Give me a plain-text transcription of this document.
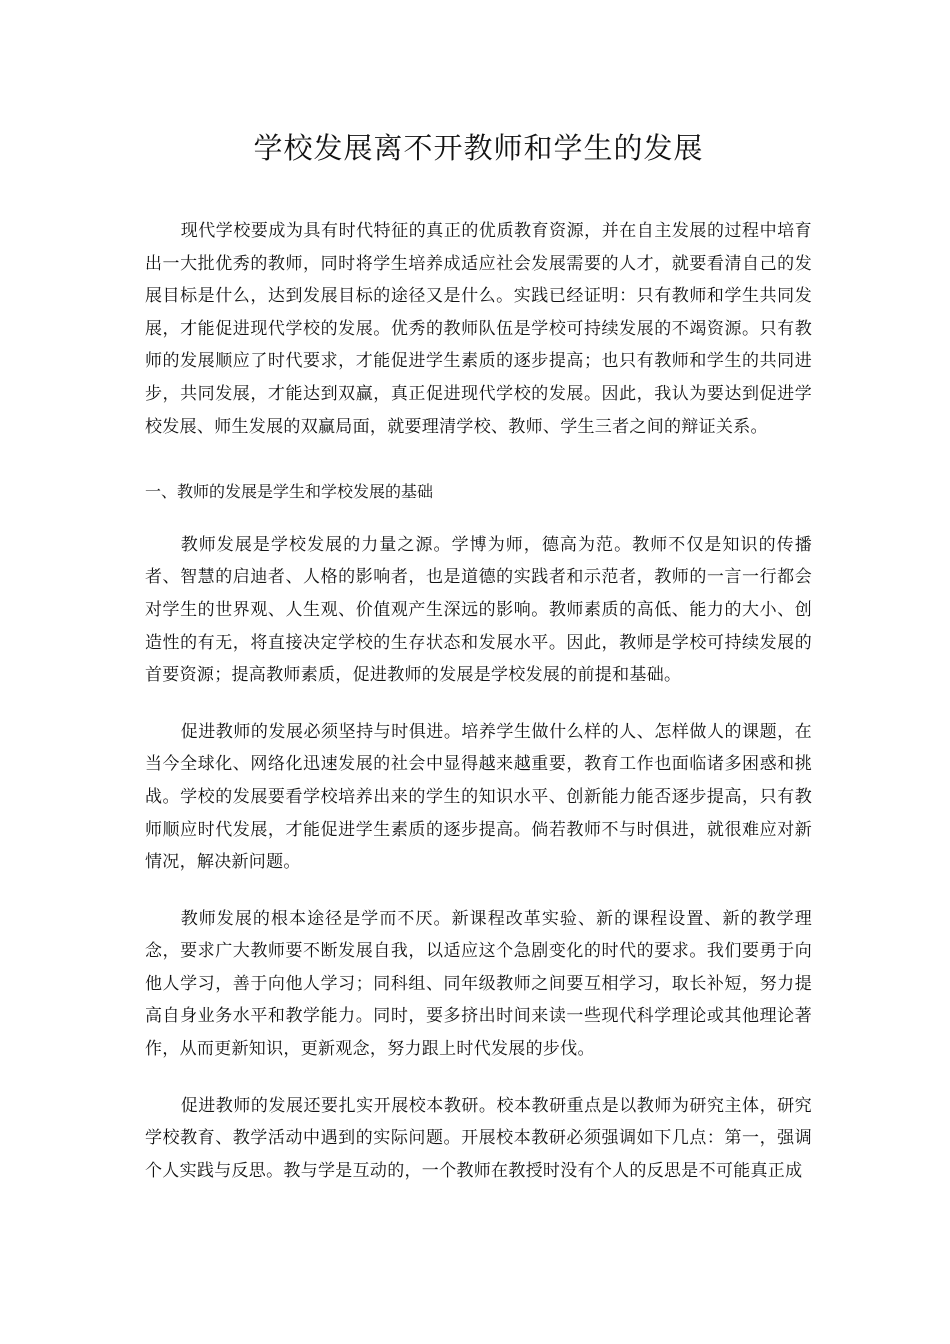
学校发展离不开教师和学生的发展

现代学校要成为具有时代特征的真正的优质教育资源，并在自主发展的过程中培育出一大批优秀的教师，同时将学生培养成适应社会发展需要的人才，就要看清自己的发展目标是什么，达到发展目标的途径又是什么。实践已经证明：只有教师和学生共同发展，才能促进现代学校的发展。优秀的教师队伍是学校可持续发展的不竭资源。只有教师的发展顺应了时代要求，才能促进学生素质的逐步提高；也只有教师和学生的共同进步，共同发展，才能达到双赢，真正促进现代学校的发展。因此，我认为要达到促进学校发展、师生发展的双赢局面，就要理清学校、教师、学生三者之间的辩证关系。

一、教师的发展是学生和学校发展的基础

教师发展是学校发展的力量之源。学博为师，德高为范。教师不仅是知识的传播者、智慧的启迪者、人格的影响者，也是道德的实践者和示范者，教师的一言一行都会对学生的世界观、人生观、价值观产生深远的影响。教师素质的高低、能力的大小、创造性的有无，将直接决定学校的生存状态和发展水平。因此，教师是学校可持续发展的首要资源；提高教师素质，促进教师的发展是学校发展的前提和基础。

促进教师的发展必须坚持与时俱进。培养学生做什么样的人、怎样做人的课题，在当今全球化、网络化迅速发展的社会中显得越来越重要，教育工作也面临诸多困惑和挑战。学校的发展要看学校培养出来的学生的知识水平、创新能力能否逐步提高，只有教师顺应时代发展，才能促进学生素质的逐步提高。倘若教师不与时俱进，就很难应对新情况，解决新问题。

教师发展的根本途径是学而不厌。新课程改革实验、新的课程设置、新的教学理念，要求广大教师要不断发展自我，以适应这个急剧变化的时代的要求。我们要勇于向他人学习，善于向他人学习；同科组、同年级教师之间要互相学习，取长补短，努力提高自身业务水平和教学能力。同时，要多挤出时间来读一些现代科学理论或其他理论著作，从而更新知识，更新观念，努力跟上时代发展的步伐。

促进教师的发展还要扎实开展校本教研。校本教研重点是以教师为研究主体，研究学校教育、教学活动中遇到的实际问题。开展校本教研必须强调如下几点：第一，强调个人实践与反思。教与学是互动的，一个教师在教授时没有个人的反思是不可能真正成
